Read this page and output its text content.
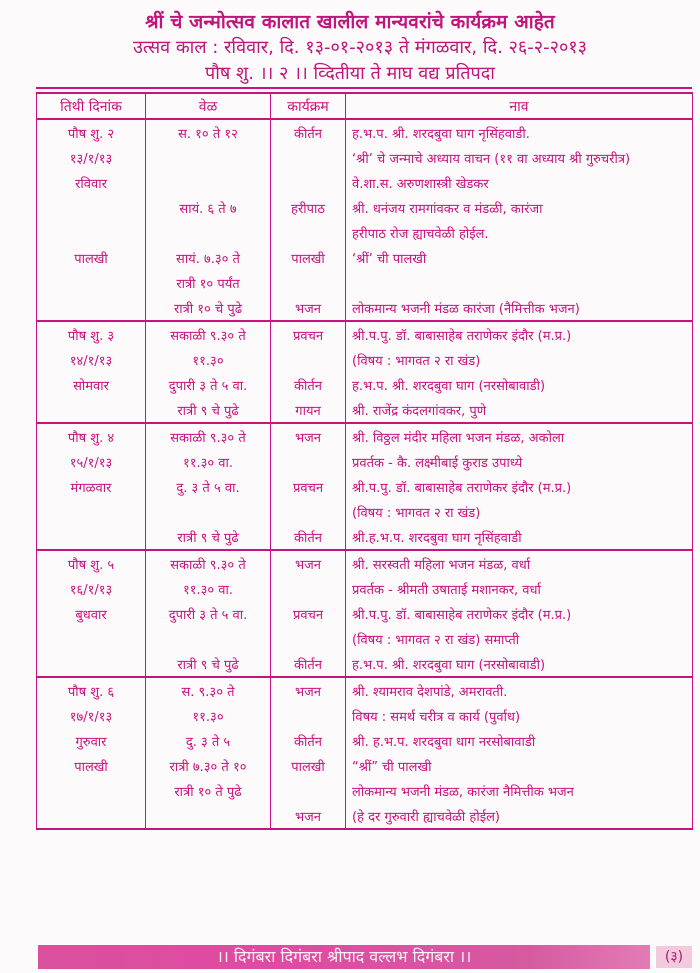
श्रीं चे जन्मोत्सव कालात खालील मान्यवरांचे कार्यक्रम आहेत
उत्सव काल : रविवार, दि. १३-०१-२०१३ ते मंगळवार, दि. २६-२-२०१३
पौष शु. ।। २ ।। व्दितीया ते माघ वद्य प्रतिपदा
तिथी दिनांक	वेळ	कार्यक्रम	नाव
पौष शु. २	स. १० ते १२	कीर्तन	ह.भ.प. श्री. शरदबुवा घाग नृसिंहवाडी.
१३/१/१३			‘श्री’ चे जन्माचे अध्याय वाचन (११ वा अध्याय श्री गुरुचरीत्र)
रविवार			वे.शा.स. अरुणशास्त्री खेडकर
	सायं. ६ ते ७	हरीपाठ	श्री. धनंजय रामगांवकर व मंडळी, कारंजा
			हरीपाठ रोज ह्याचवेळी होईल.
पालखी	सायं. ७.३० ते	पालखी	‘श्रीं’ ची पालखी
	रात्री १० पर्यंत		
	रात्री १० चे पुढे	भजन	लोकमान्य भजनी मंडळ कारंजा (नैमित्तीक भजन)
पौष शु. ३	सकाळी ९.३० ते	प्रवचन	श्री.प.पु. डॉ. बाबासाहेब तराणेकर इंदौर (म.प्र.)
१४/१/१३	११.३०		(विषय : भागवत २ रा खंड)
सोमवार	दुपारी ३ ते ५ वा.	कीर्तन	ह.भ.प. श्री. शरदबुवा घाग (नरसोबावाडी)
	रात्री ९ चे पुढे	गायन	श्री. राजेंद्र कंदलगांवकर, पुणे
पौष शु. ४	सकाळी ९.३० ते	भजन	श्री. विठ्ठल मंदीर महिला भजन मंडळ, अकोला
१५/१/१३	११.३० वा.		प्रवर्तक - कै. लक्ष्मीबाई कुराड उपाध्ये
मंगळवार	दु. ३ ते ५ वा.	प्रवचन	श्री.प.पु. डॉ. बाबासाहेब तराणेकर इंदौर (म.प्र.)
			(विषय : भागवत २ रा खंड)
	रात्री ९ चे पुढे	कीर्तन	श्री.ह.भ.प. शरदबुवा घाग नृसिंहवाडी
पौष शु. ५	सकाळी ९.३० ते	भजन	श्री. सरस्वती महिला भजन मंडळ, वर्धा
१६/१/१३	११.३० वा.		प्रवर्तक - श्रीमती उषाताई मशानकर, वर्धा
बुधवार	दुपारी ३ ते ५ वा.	प्रवचन	श्री.प.पु. डॉ. बाबासाहेब तराणेकर इंदौर (म.प्र.)
			(विषय : भागवत २ रा खंड) समाप्ती
	रात्री ९ चे पुढे	कीर्तन	ह.भ.प. श्री. शरदबुवा घाग (नरसोबावाडी)
पौष शु. ६	स. ९.३० ते	भजन	श्री. श्यामराव देशपांडे, अमरावती.
१७/१/१३	११.३०		विषय : समर्थ चरीत्र व कार्य (पुर्वाध)
गुरुवार	दु. ३ ते ५	कीर्तन	श्री. ह.भ.प. शरदबुवा धाग नरसोबावाडी
पालखी	रात्री ७.३० ते १०	पालखी	“श्रीं” ची पालखी
	रात्री १० ते पुढे		लोकमान्य भजनी मंडळ, कारंजा नैमित्तीक भजन
		भजन	(हे दर गुरुवारी ह्याचवेळी होईल)
।। दिगंबरा दिगंबरा श्रीपाद वल्लभ दिगंबरा ।।	(३)
